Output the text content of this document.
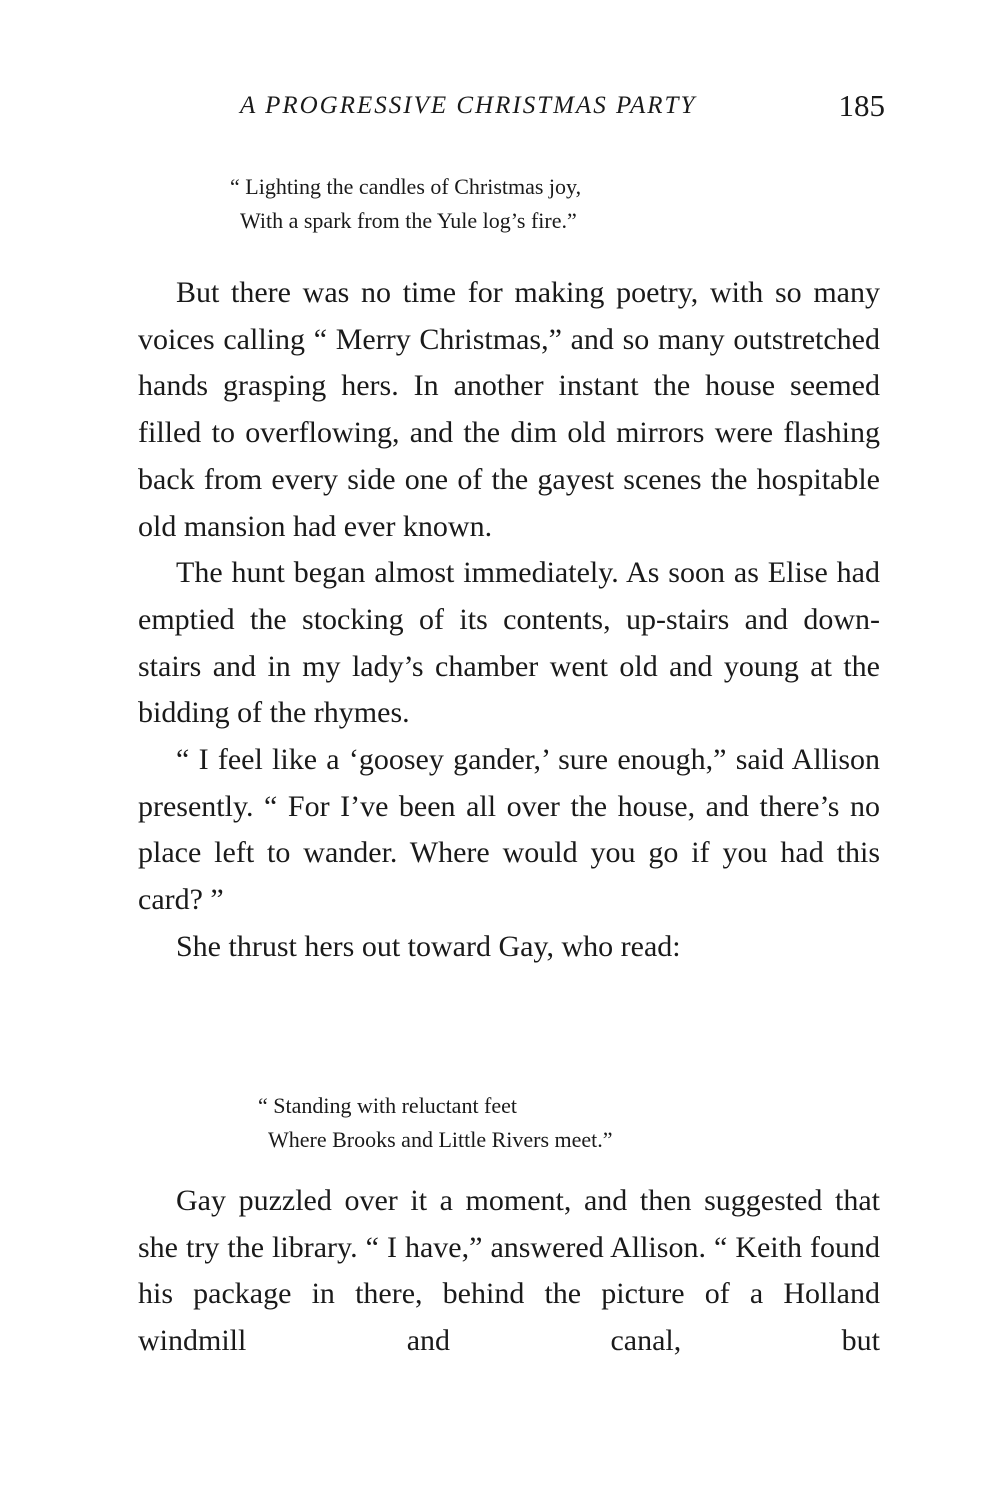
A PROGRESSIVE CHRISTMAS PARTY	185
“ Lighting the candles of Christmas joy,
With a spark from the Yule log’s fire.”

But there was no time for making poetry, with so many voices calling “ Merry Christmas,” and so many outstretched hands grasping hers. In another instant the house seemed filled to overflowing, and the dim old mirrors were flashing back from every side one of the gayest scenes the hospitable old mansion had ever known.

The hunt began almost immediately. As soon as Elise had emptied the stocking of its contents, up-stairs and down-stairs and in my lady’s chamber went old and young at the bidding of the rhymes.

“ I feel like a ‘goosey gander,’ sure enough,” said Allison presently. “ For I’ve been all over the house, and there’s no place left to wander. Where would you go if you had this card? ”

She thrust hers out toward Gay, who read:

“ Standing with reluctant feet
Where Brooks and Little Rivers meet.”

Gay puzzled over it a moment, and then suggested that she try the library. “ I have,” answered Allison. “ Keith found his package in there, behind the picture of a Holland windmill and canal, but
